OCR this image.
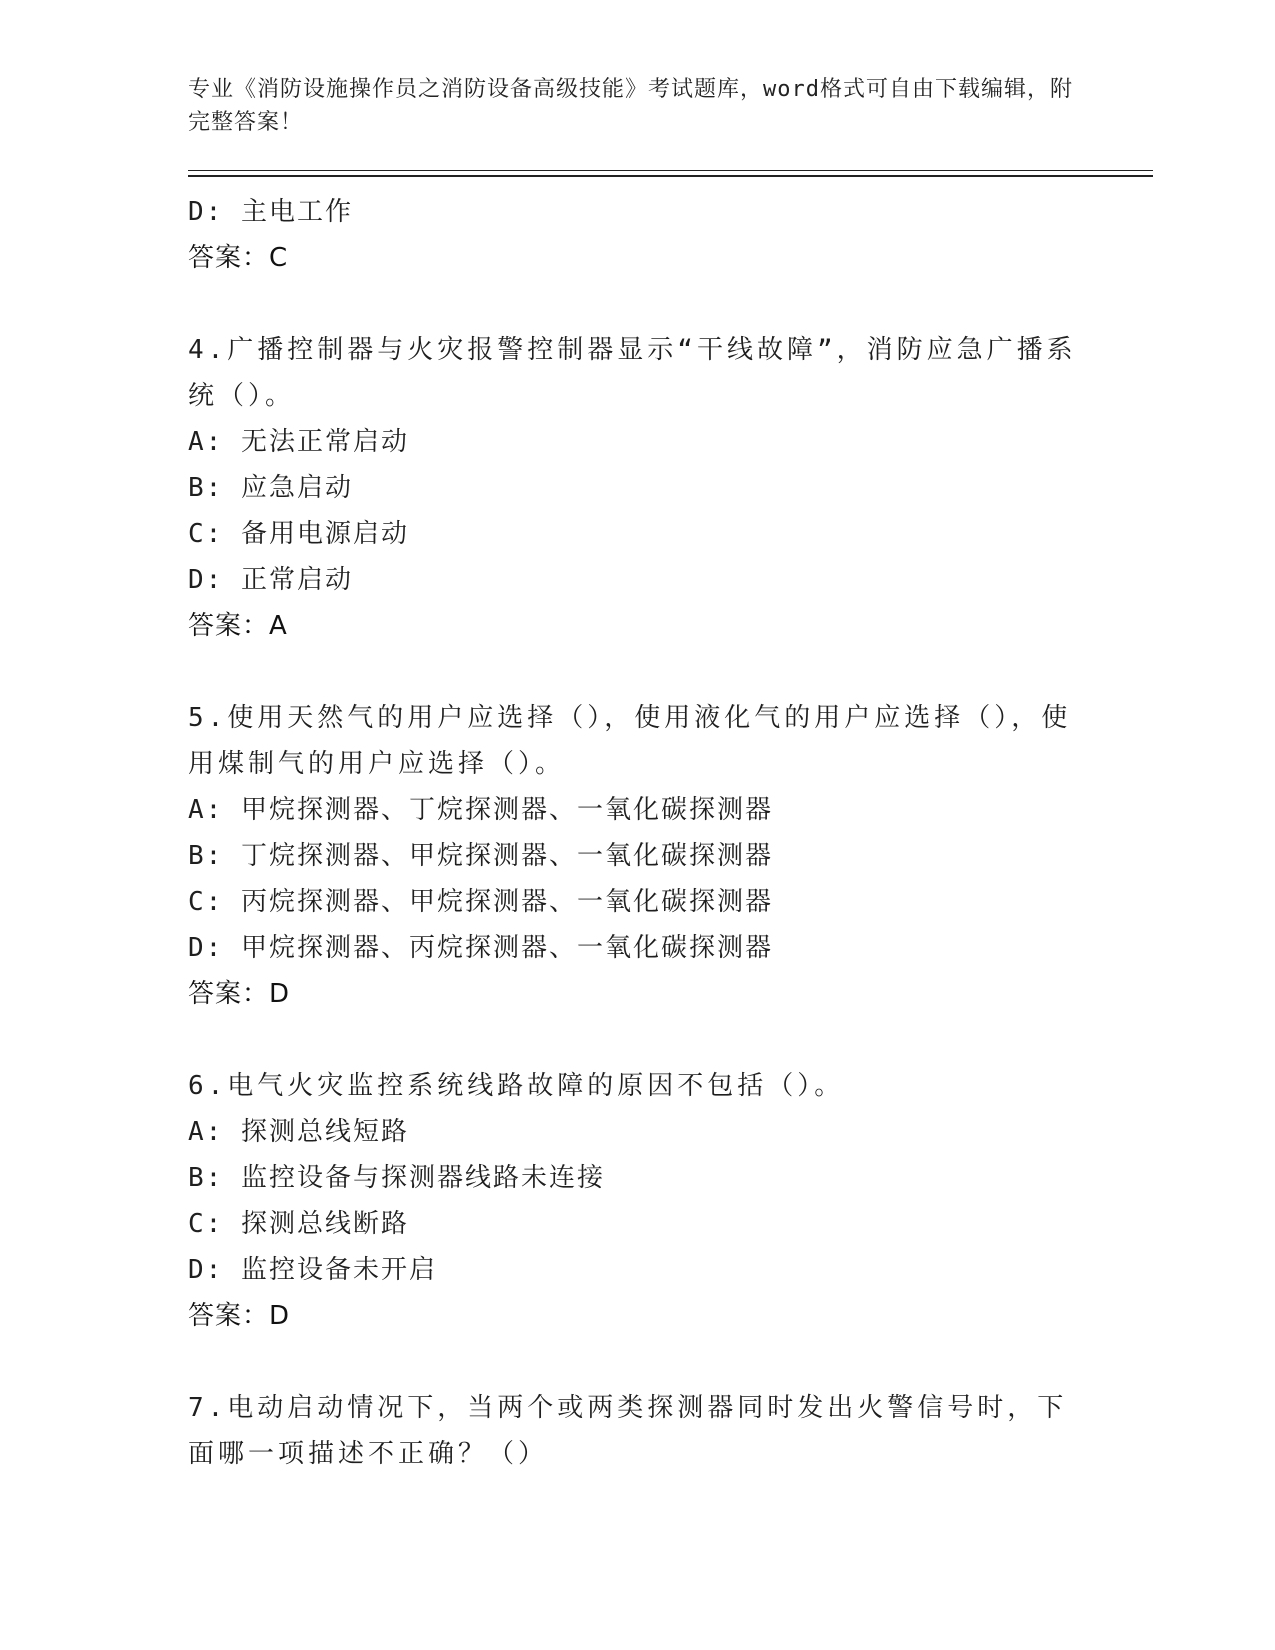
专业《消防设施操作员之消防设备高级技能》考试题库，word格式可自由下载编辑，附完整答案！
D: 主电工作
答案：C
4.广播控制器与火灾报警控制器显示“干线故障”，消防应急广播系统（）。
A: 无法正常启动
B: 应急启动
C: 备用电源启动
D: 正常启动
答案：A
5.使用天然气的用户应选择（），使用液化气的用户应选择（），使用煤制气的用户应选择（）。
A: 甲烷探测器、丁烷探测器、一氧化碳探测器
B: 丁烷探测器、甲烷探测器、一氧化碳探测器
C: 丙烷探测器、甲烷探测器、一氧化碳探测器
D: 甲烷探测器、丙烷探测器、一氧化碳探测器
答案：D
6.电气火灾监控系统线路故障的原因不包括（）。
A: 探测总线短路
B: 监控设备与探测器线路未连接
C: 探测总线断路
D: 监控设备未开启
答案：D
7.电动启动情况下，当两个或两类探测器同时发出火警信号时，下面哪一项描述不正确？（）
